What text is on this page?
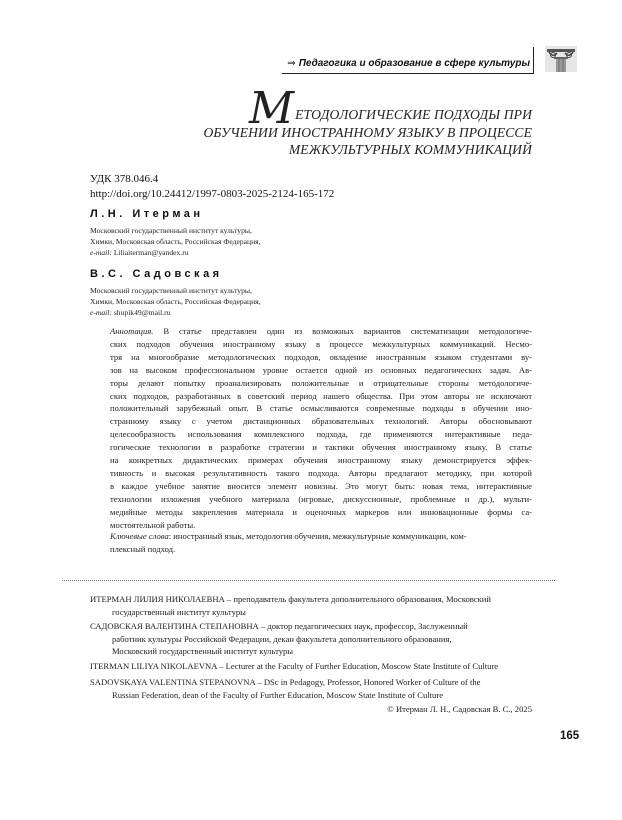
⇒ Педагогика и образование в сфере культуры
МЕТОДОЛОГИЧЕСКИЕ ПОДХОДЫ ПРИ
ОБУЧЕНИИ ИНОСТРАННОМУ ЯЗЫКУ В ПРОЦЕССЕ
МЕЖКУЛЬТУРНЫХ КОММУНИКАЦИЙ
УДК 378.046.4
http://doi.org/10.24412/1997-0803-2025-2124-165-172
Л.Н. Итерман
Московский государственный институт культуры,
Химки, Московская область, Российская Федерация,
e-mail: Liliaiterman@yandex.ru
В.С. Садовская
Московский государственный институт культуры,
Химки, Московская область, Российская Федерация,
e-mail: shupik49@mail.ru
Аннотация. В статье представлен один из возможных вариантов систематизации методологиче-
ских подходов обучения иностранному языку в процессе межкультурных коммуникаций. Несмо-
тря на многообразие методологических подходов, овладение иностранным языком студентами ву-
зов на высоком профессиональном уровне остается одной из основных педагогических задач. Ав-
торы делают попытку проанализировать положительные и отрицательные стороны методологиче-
ских подходов, разработанных в советский период нашего общества. При этом авторы не исключают
положительный зарубежный опыт. В статье осмысливаются современные подходы в обучении ино-
странному языку с учетом дистанционных образовательных технологий. Авторы обосновывают
целесообразность использования комплексного подхода, где применяются интерактивные педа-
гогические технологии в разработке стратегии и тактики обучения иностранному языку. В статье
на конкретных дидактических примерах обучения иностранному языку демонстрируется эффек-
тивность и высокая результативность такого подхода. Авторы предлагают методику, при которой
в каждое учебное занятие вносится элемент новизны. Это могут быть: новая тема, интерактивные
технологии изложения учебного материала (игровые, дискуссионные, проблемные и др.), мульти-
медийные методы закрепления материала и оценочных маркеров или инновационные формы са-
мостоятельной работы.
Ключевые слова: иностранный язык, методология обучения, межкультурные коммуникации, ком-
плексный подход.
ИТЕРМАН ЛИЛИЯ НИКОЛАЕВНА – преподаватель факультета дополнительного образования, Московский
государственный институт культуры
САДОВСКАЯ ВАЛЕНТИНА СТЕПАНОВНА – доктор педагогических наук, профессор, Заслуженный
работник культуры Российской Федерации, декан факультета дополнительного образования,
Московский государственный институт культуры
ITERMAN LILIYA NIKOLAEVNA – Lecturer at the Faculty of Further Education, Moscow State Institute of Culture
SADOVSKAYA VALENTINA STEPANOVNA – DSc in Pedagogy, Professor, Honored Worker of Culture of the
Russian Federation, dean of the Faculty of Further Education, Moscow State Institute of Culture
© Итерман Л. Н., Садовская В. С., 2025
165
